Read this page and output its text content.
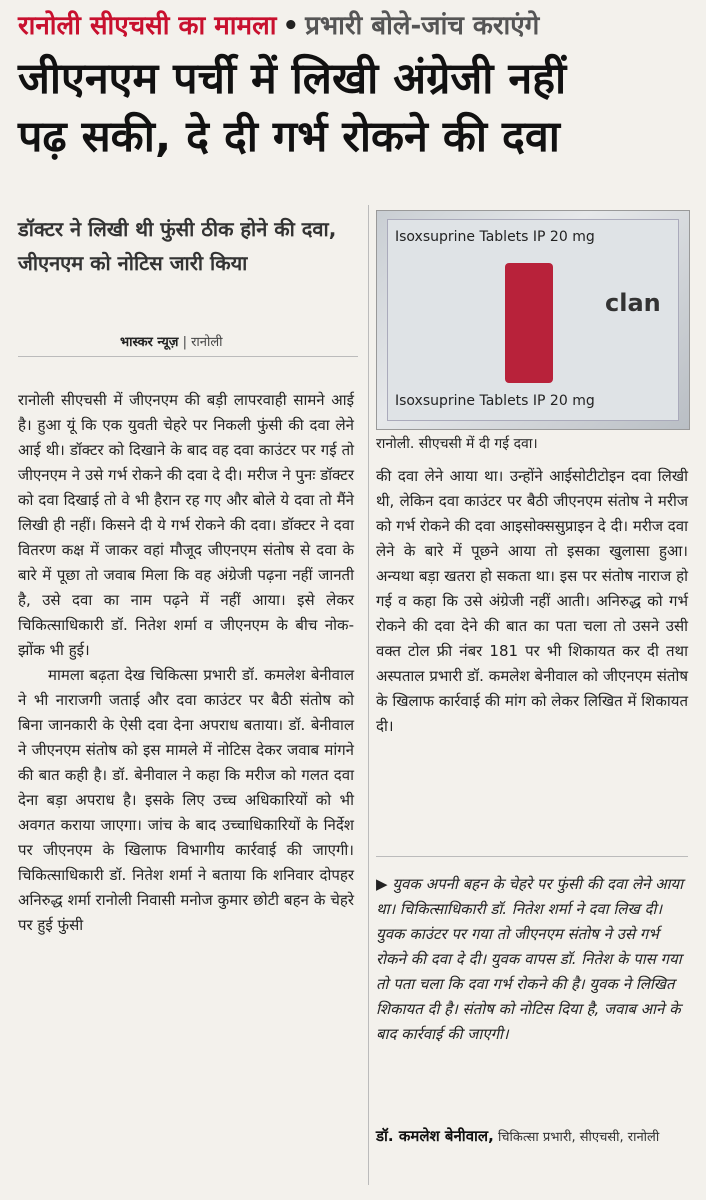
रानोली सीएचसी का मामला • प्रभारी बोले-जांच कराएंगे
जीएनएम पर्ची में लिखी अंग्रेजी नहीं
पढ़ सकी, दे दी गर्भ रोकने की दवा
डॉक्टर ने लिखी थी फुंसी ठीक होने की दवा, जीएनएम को नोटिस जारी किया
भास्कर न्यूज़ | रानोली
Isoxsuprine Tablets IP 20 mg
clan
Isoxsuprine Tablets IP 20 mg
रानोली. सीएचसी में दी गई दवा।

रानोली सीएचसी में जीएनएम की बड़ी लापरवाही सामने आई है। हुआ यूं कि एक युवती चेहरे पर निकली फुंसी की दवा लेने आई थी। डॉक्टर को दिखाने के बाद वह दवा काउंटर पर गई तो जीएनएम ने उसे गर्भ रोकने की दवा दे दी। मरीज ने पुनः डॉक्टर को दवा दिखाई तो वे भी हैरान रह गए और बोले ये दवा तो मैंने लिखी ही नहीं। किसने दी ये गर्भ रोकने की दवा। डॉक्टर ने दवा वितरण कक्ष में जाकर वहां मौजूद जीएनएम संतोष से दवा के बारे में पूछा तो जवाब मिला कि वह अंग्रेजी पढ़ना नहीं जानती है, उसे दवा का नाम पढ़ने में नहीं आया। इसे लेकर चिकित्साधिकारी डॉ. नितेश शर्मा व जीएनएम के बीच नोक-झोंक भी हुई।

मामला बढ़ता देख चिकित्सा प्रभारी डॉ. कमलेश बेनीवाल ने भी नाराजगी जताई और दवा काउंटर पर बैठी संतोष को बिना जानकारी के ऐसी दवा देना अपराध बताया। डॉ. बेनीवाल ने जीएनएम संतोष को इस मामले में नोटिस देकर जवाब मांगने की बात कही है। डॉ. बेनीवाल ने कहा कि मरीज को गलत दवा देना बड़ा अपराध है। इसके लिए उच्च अधिकारियों को भी अवगत कराया जाएगा। जांच के बाद उच्चाधिकारियों के निर्देश पर जीएनएम के खिलाफ विभागीय कार्रवाई की जाएगी। चिकित्साधिकारी डॉ. नितेश शर्मा ने बताया कि शनिवार दोपहर अनिरुद्ध शर्मा रानोली निवासी मनोज कुमार छोटी बहन के चेहरे पर हुई फुंसी

की दवा लेने आया था। उन्होंने आईसोटीटोइन दवा लिखी थी, लेकिन दवा काउंटर पर बैठी जीएनएम संतोष ने मरीज को गर्भ रोकने की दवा आइसोक्ससुप्राइन दे दी। मरीज दवा लेने के बारे में पूछने आया तो इसका खुलासा हुआ। अन्यथा बड़ा खतरा हो सकता था। इस पर संतोष नाराज हो गई व कहा कि उसे अंग्रेजी नहीं आती। अनिरुद्ध को गर्भ रोकने की दवा देने की बात का पता चला तो उसने उसी वक्त टोल फ्री नंबर 181 पर भी शिकायत कर दी तथा अस्पताल प्रभारी डॉ. कमलेश बेनीवाल को जीएनएम संतोष के खिलाफ कार्रवाई की मांग को लेकर लिखित में शिकायत दी।

▶ युवक अपनी बहन के चेहरे पर फुंसी की दवा लेने आया था। चिकित्साधिकारी डॉ. नितेश शर्मा ने दवा लिख दी। युवक काउंटर पर गया तो जीएनएम संतोष ने उसे गर्भ रोकने की दवा दे दी। युवक वापस डॉ. नितेश के पास गया तो पता चला कि दवा गर्भ रोकने की है। युवक ने लिखित शिकायत दी है। संतोष को नोटिस दिया है, जवाब आने के बाद कार्रवाई की जाएगी।
डॉ. कमलेश बेनीवाल, चिकित्सा प्रभारी, सीएचसी, रानोली
